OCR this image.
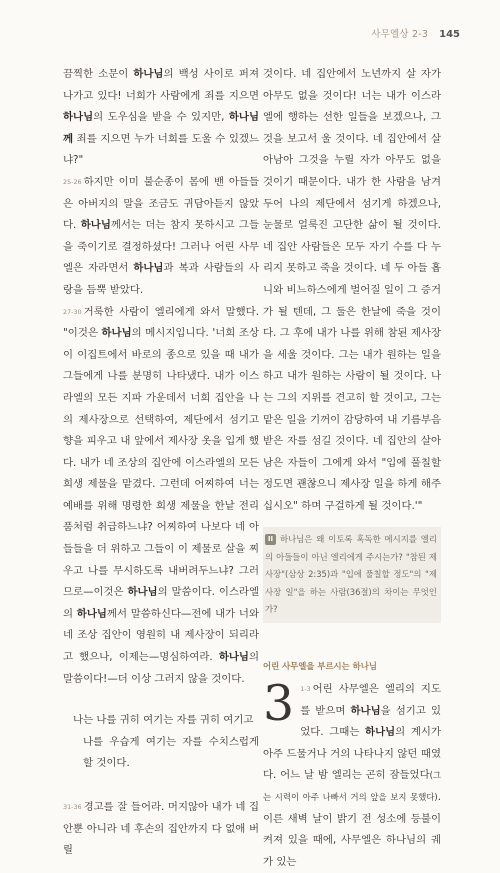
사무엘상 2-3 145

끔찍한 소문이 하나님의 백성 사이로 퍼져 나가고 있다! 너희가 사람에게 죄를 지으면 하나님의 도우심을 받을 수 있지만, 하나님께 죄를 지으면 누가 너희를 도울 수 있겠느냐?"

$^{25-26}$ 하지만 이미 불순종이 몸에 밴 아들들은 아버지의 말을 조금도 귀담아듣지 않았다. 하나님께서는 더는 참지 못하시고 그들을 죽이기로 결정하셨다! 그러나 어린 사무엘은 자라면서 하나님과 복과 사람들의 사랑을 듬뿍 받았다.

$^{27-30}$ 거룩한 사람이 엘리에게 와서 말했다. "이것은 하나님의 메시지입니다. '너희 조상이 이집트에서 바로의 종으로 있을 때 내가 그들에게 나를 분명히 나타냈다. 내가 이스라엘의 모든 지파 가운데서 너희 집안을 나의 제사장으로 선택하여, 제단에서 섬기고 향을 피우고 내 앞에서 제사장 옷을 입게 했다. 내가 네 조상의 집안에 이스라엘의 모든 희생 제물을 맡겼다. 그런데 어찌하여 너는 예배를 위해 명령한 희생 제물을 한낱 전리품처럼 취급하느냐? 어찌하여 나보다 네 아들들을 더 위하고 그들이 이 제물로 살을 찌우고 나를 무시하도록 내버려두느냐? 그러므로—이것은 하나님의 말씀이다. 이스라엘의 하나님께서 말씀하신다—전에 내가 너와 네 조상 집안이 영원히 내 제사장이 되리라고 했으나, 이제는—명심하여라. 하나님의 말씀이다!—더 이상 그러지 않을 것이다.

나는 나를 귀히 여기는 자를 귀히 여기고
나를 우습게 여기는 자를 수치스럽게 할 것이다.

$^{31-36}$ 경고를 잘 들어라. 머지않아 내가 네 집안뿐 아니라 네 후손의 집안까지 다 없애 버릴

것이다. 네 집안에서 노년까지 살 자가 아무도 없을 것이다! 너는 내가 이스라엘에 행하는 선한 일들을 보겠으나, 그것을 보고서 울 것이다. 네 집안에서 살아남아 그것을 누릴 자가 아무도 없을 것이기 때문이다. 내가 한 사람을 남겨 두어 나의 제단에서 섬기게 하겠으나, 눈물로 얼룩진 고단한 삶이 될 것이다. 네 집안 사람들은 모두 자기 수를 다 누리지 못하고 죽을 것이다. 네 두 아들 홉니와 비느하스에게 벌어질 일이 그 증거가 될 텐데, 그 둘은 한날에 죽을 것이다. 그 후에 내가 나를 위해 참된 제사장을 세울 것이다. 그는 내가 원하는 일을 하고 내가 원하는 사람이 될 것이다. 나는 그의 지위를 견고히 할 것이고, 그는 맡은 일을 기꺼이 감당하여 내 기름부음 받은 자를 섬길 것이다. 네 집안의 살아남은 자들이 그에게 와서 "입에 풀칠할 정도면 괜찮으니 제사장 일을 하게 해주십시오" 하며 구걸하게 될 것이다.'"

II 하나님은 왜 이토록 혹독한 메시지를 엘리의 아들들이 아닌 엘리에게 주시는가? "참된 제사장"(삼상 2:35)과 "입에 풀칠할 정도"의 "제사장 일"을 하는 사람(36절)의 차이는 무엇인가?
어린 사무엘을 부르시는 하나님

3 $^{1-3}$ 어린 사무엘은 엘리의 지도를 받으며 하나님을 섬기고 있었다. 그때는 하나님의 계시가 아주 드물거나 거의 나타나지 않던 때였다. 어느 날 밤 엘리는 곤히 잠들었다(그는 시력이 아주 나빠서 거의 앞을 보지 못했다). 이른 새벽 날이 밝기 전 성소에 등불이 켜져 있을 때에, 사무엘은 하나님의 궤가 있는
